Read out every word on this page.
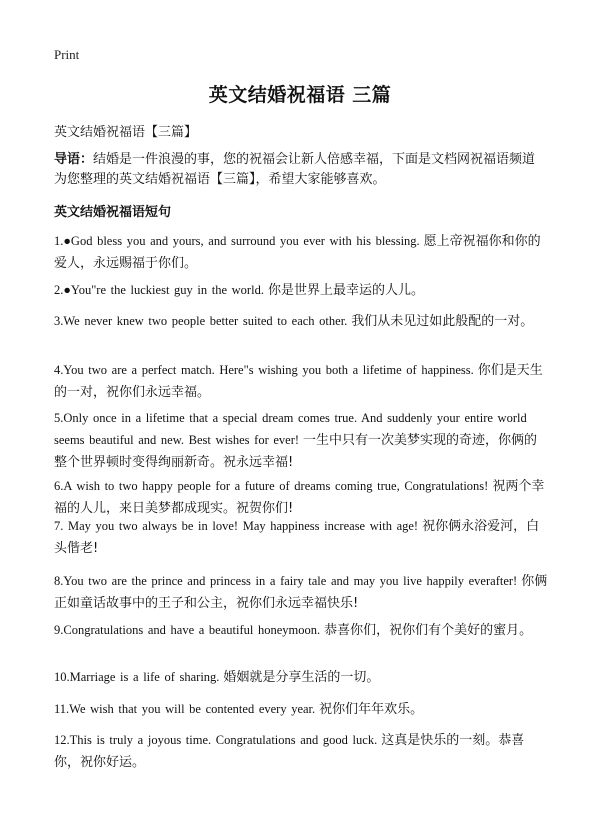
Print
英文结婚祝福语 三篇
英文结婚祝福语【三篇】
导语：结婚是一件浪漫的事，您的祝福会让新人倍感幸福，下面是文档网祝福语频道为您整理的英文结婚祝福语【三篇】，希望大家能够喜欢。
英文结婚祝福语短句
1.●God bless you and yours, and surround you ever with his blessing. 愿上帝祝福你和你的爱人，永远赐福于你们。
2.●You"re the luckiest guy in the world. 你是世界上最幸运的人儿。
3.We never knew two people better suited to each other. 我们从未见过如此般配的一对。
4.You two are a perfect match. Here"s wishing you both a lifetime of happiness. 你们是天生的一对，祝你们永远幸福。
5.Only once in a lifetime that a special dream comes true. And suddenly your entire world seems beautiful and new. Best wishes for ever! 一生中只有一次美梦实现的奇迹，你俩的整个世界顿时变得绚丽新奇。祝永远幸福!
6.A wish to two happy people for a future of dreams coming true, Congratulations! 祝两个幸福的人儿，来日美梦都成现实。祝贺你们!
7. May you two always be in love! May happiness increase with age! 祝你俩永浴爱河，白头偕老!
8.You two are the prince and princess in a fairy tale and may you live happily everafter! 你俩正如童话故事中的王子和公主，祝你们永远幸福快乐!
9.Congratulations and have a beautiful honeymoon. 恭喜你们，祝你们有个美好的蜜月。
10.Marriage is a life of sharing. 婚姻就是分享生活的一切。
11.We wish that you will be contented every year. 祝你们年年欢乐。
12.This is truly a joyous time. Congratulations and good luck. 这真是快乐的一刻。恭喜你，祝你好运。
